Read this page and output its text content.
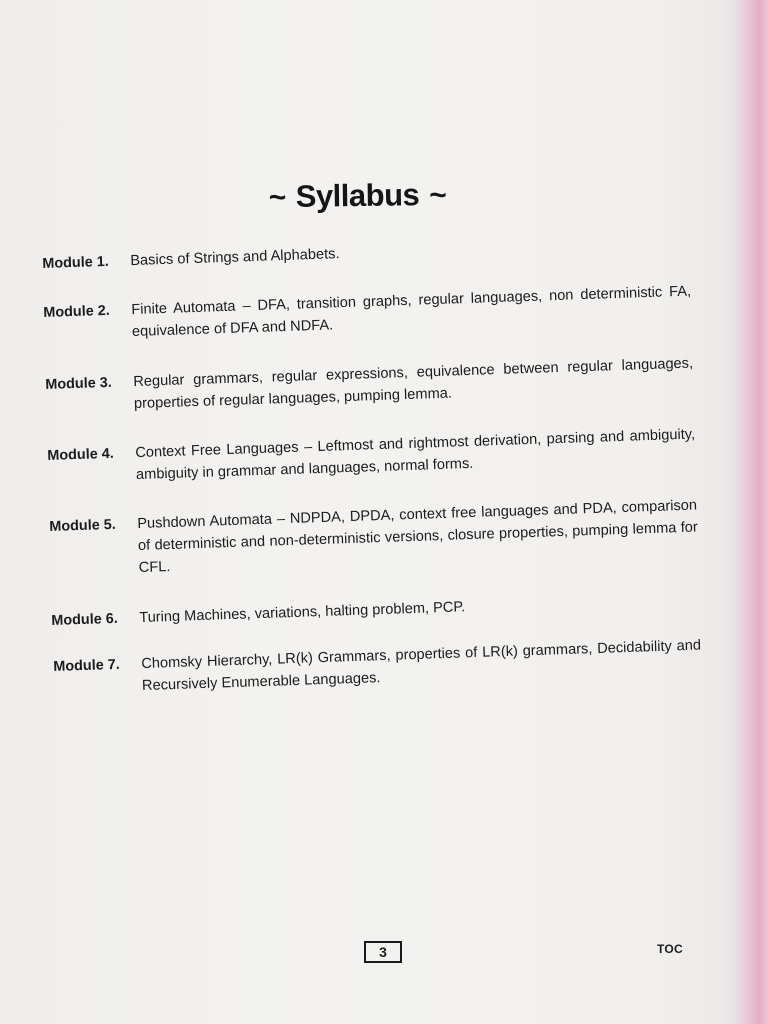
~ Syllabus ~
Module 1. Basics of Strings and Alphabets.
Module 2. Finite Automata – DFA, transition graphs, regular languages, non deterministic FA, equivalence of DFA and NDFA.
Module 3. Regular grammars, regular expressions, equivalence between regular languages, properties of regular languages, pumping lemma.
Module 4. Context Free Languages – Leftmost and rightmost derivation, parsing and ambiguity, ambiguity in grammar and languages, normal forms.
Module 5. Pushdown Automata – NDPDA, DPDA, context free languages and PDA, comparison of deterministic and non-deterministic versions, closure properties, pumping lemma for CFL.
Module 6. Turing Machines, variations, halting problem, PCP.
Module 7. Chomsky Hierarchy, LR(k) Grammars, properties of LR(k) grammars, Decidability and Recursively Enumerable Languages.
3	TOC
